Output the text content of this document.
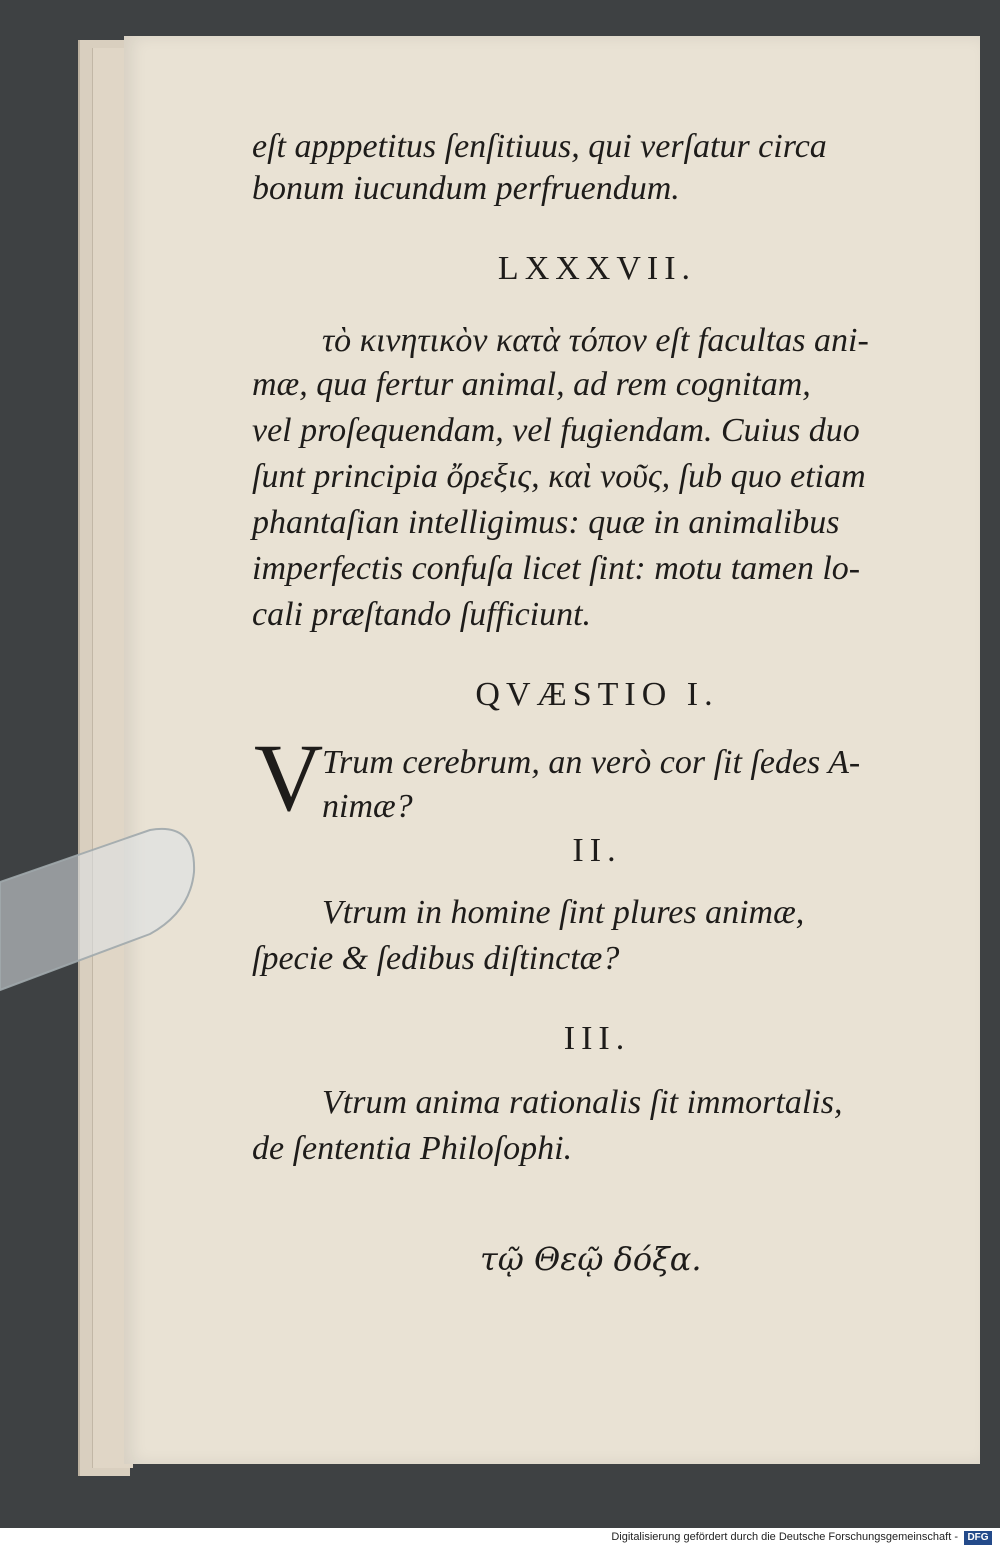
eſt apppetitus ſenſitiuus, qui verſatur circa
bonum iucundum perfruendum.
LXXXVII.
τὸ κινητικὸν κατὰ τόπον eſt facultas ani-
mæ, qua fertur animal, ad rem cognitam,
vel proſequendam, vel fugiendam. Cuius duo
ſunt principia ὄρεξις, καὶ νοῦς, ſub quo etiam
phantaſian intelligimus: quæ in animalibus
imperfectis confuſa licet ſint: motu tamen lo-
cali præſtando ſufficiunt.
QVÆSTIO I.
V
Trum cerebrum, an verò cor ſit ſedes A-
nimæ?
II.
Vtrum in homine ſint plures animæ,
ſpecie & ſedibus diſtinctæ?
III.
Vtrum anima rationalis ſit immortalis,
de ſententia Philoſophi.
τῷ Θεῷ δόξα.
Digitalisierung gefördert durch die Deutsche Forschungsgemeinschaft - DFG
